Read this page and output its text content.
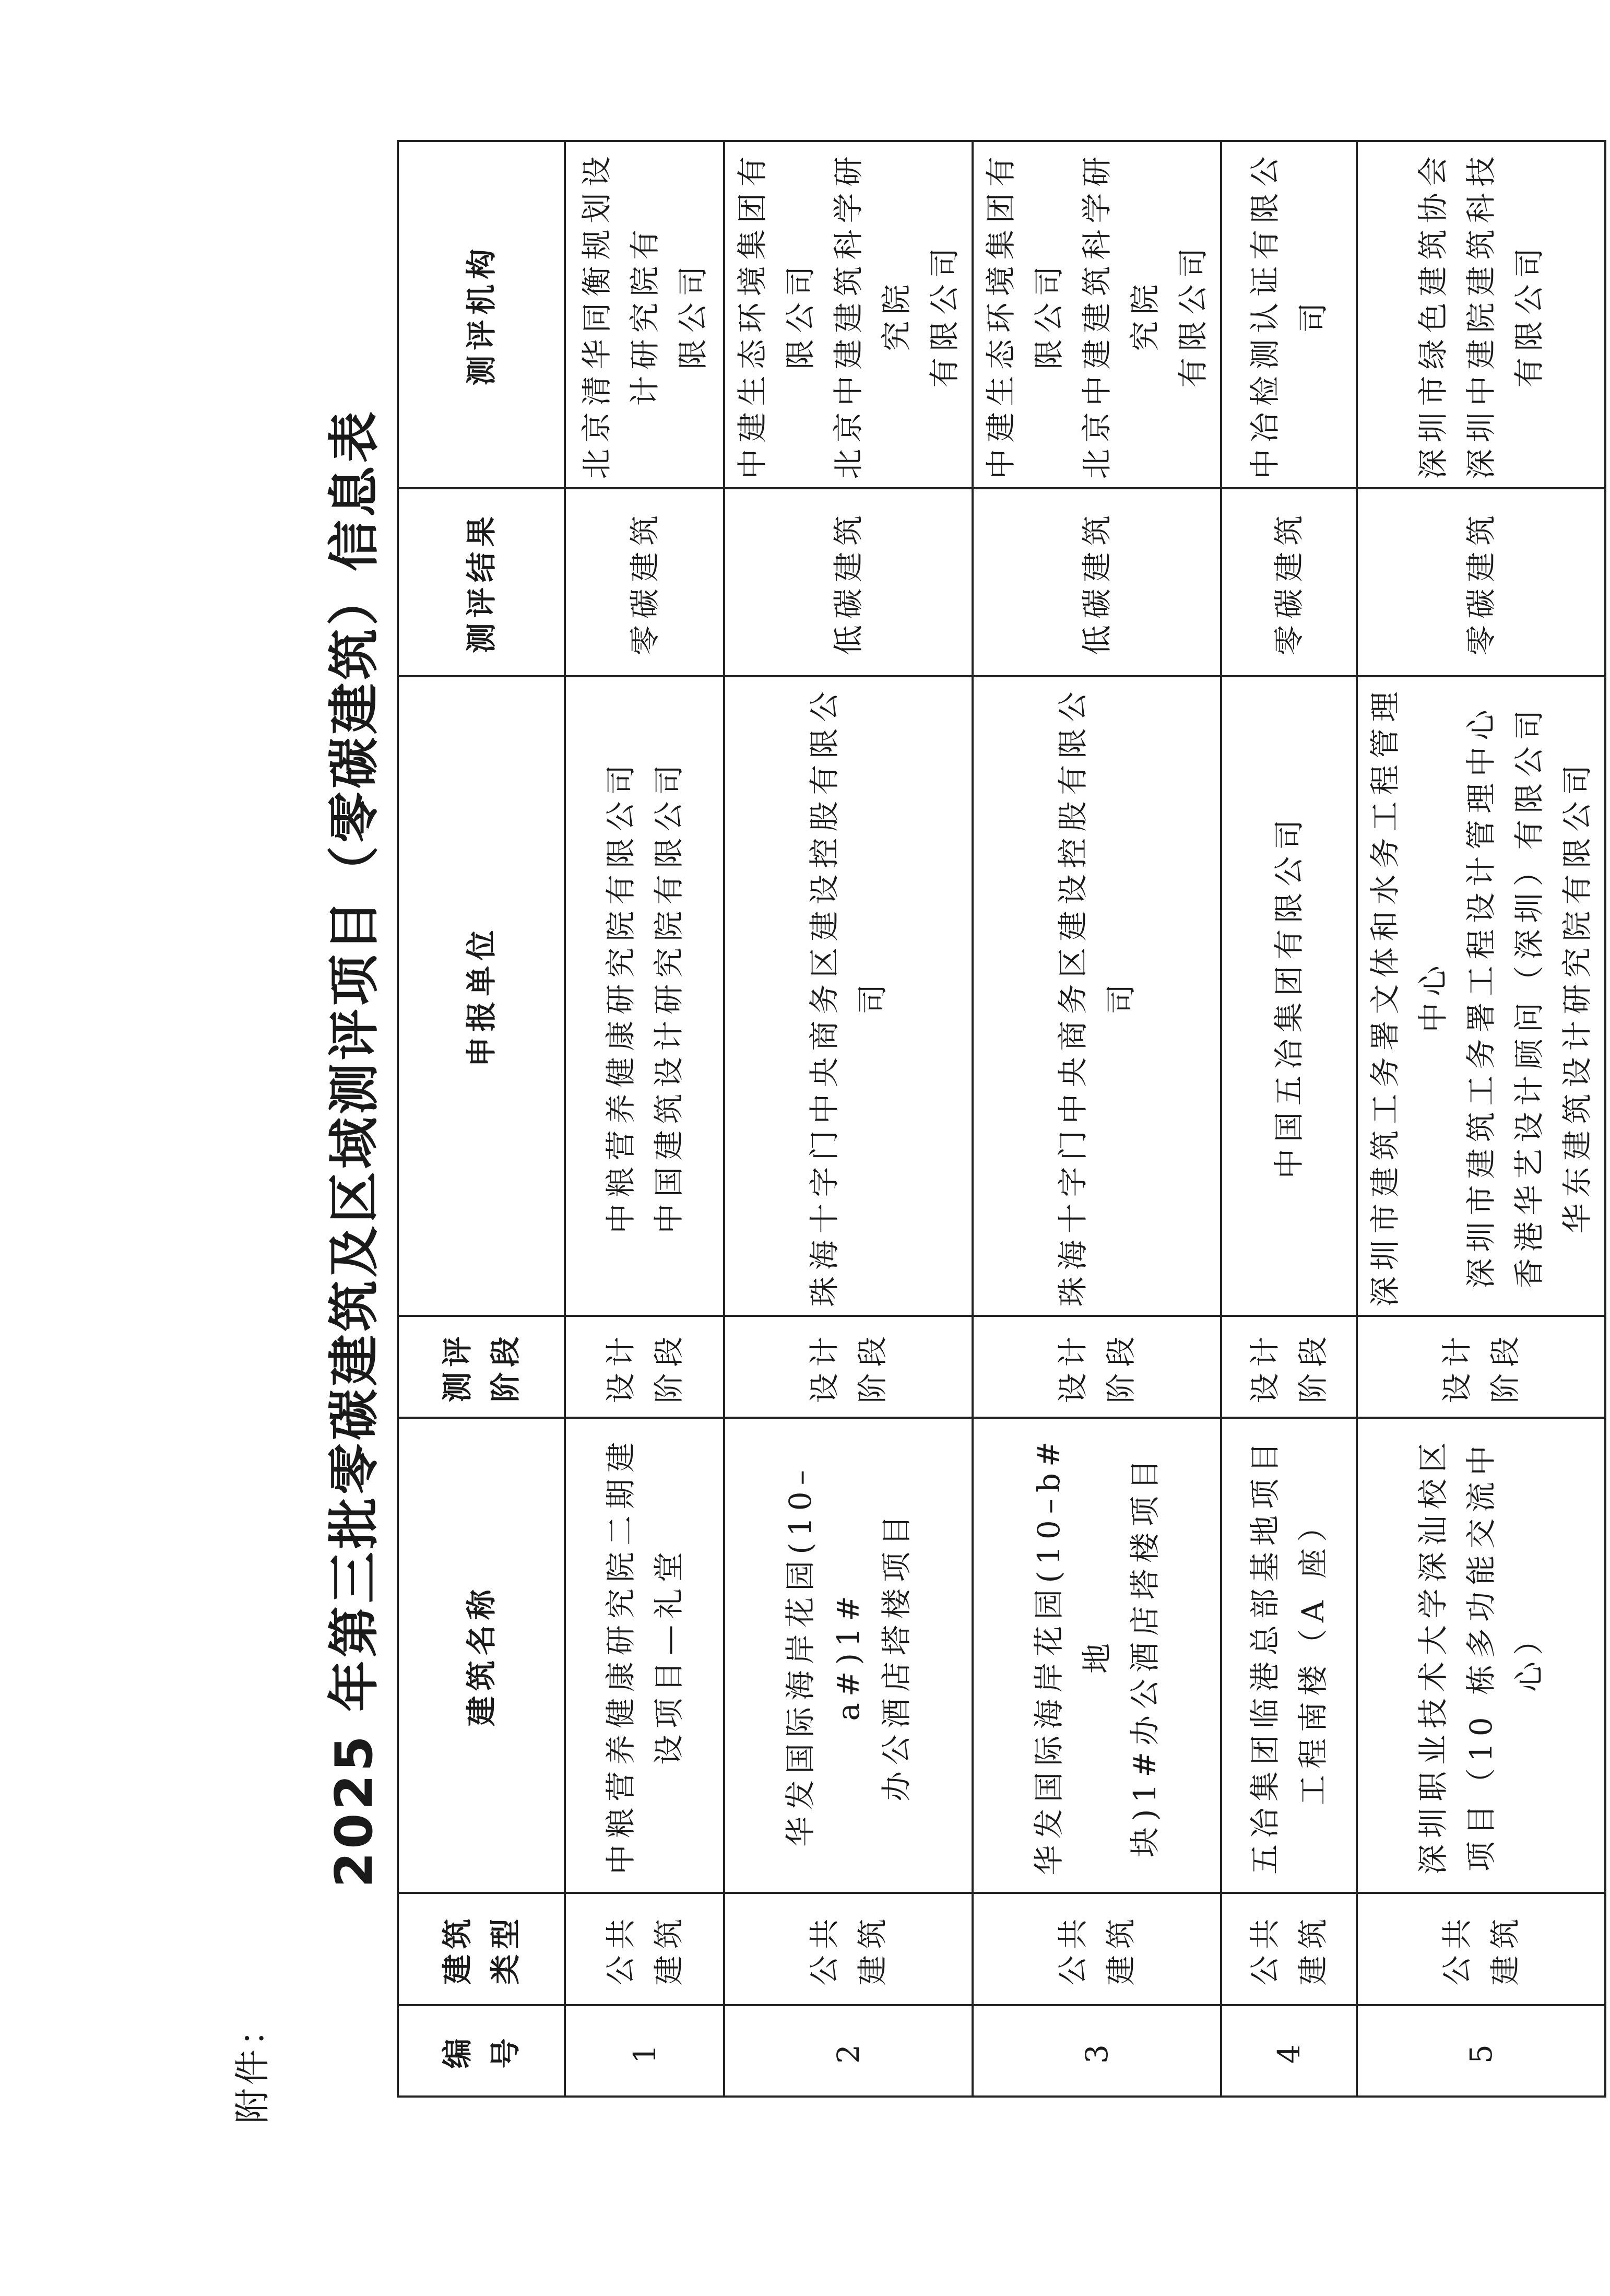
附件：
2025 年第三批零碳建筑及区域测评项目（零碳建筑）信息表
编 号	建筑 类型	建筑名称	测评 阶段	申报单位	测评结果	测评机构
1	公共 建筑	中粮营养健康研究院二期建 设项目—礼堂	设计 阶段	中粮营养健康研究院有限公司 中国建筑设计研究院有限公司	零碳建筑	北京清华同衡规划设计研究院有 限公司

2	公共 建筑	华发国际海岸花园(10–a#)1# 办公酒店塔楼项目	设计 阶段	珠海十字门中央商务区建设控股有限公司	低碳建筑	中建生态环境集团有限公司 北京中建建筑科学研究院 有限公司

3	公共 建筑	华发国际海岸花园(10–b#地 块)1#办公酒店塔楼项目	设计 阶段	珠海十字门中央商务区建设控股有限公司	低碳建筑	中建生态环境集团有限公司 北京中建建筑科学研究院 有限公司

4	公共 建筑	五冶集团临港总部基地项目 工程南楼（A 座）	设计 阶段	中国五冶集团有限公司	零碳建筑	中冶检测认证有限公司

5	公共 建筑	深圳职业技术大学深汕校区 项目（10 栋多功能交流中心）	设计 阶段	深圳市建筑工务署文体和水务工程管理中心 深圳市建筑工务署工程设计管理中心 香港华艺设计顾问（深圳）有限公司 华东建筑设计研究院有限公司	零碳建筑	深圳市绿色建筑协会 深圳中建院建筑科技有限公司
